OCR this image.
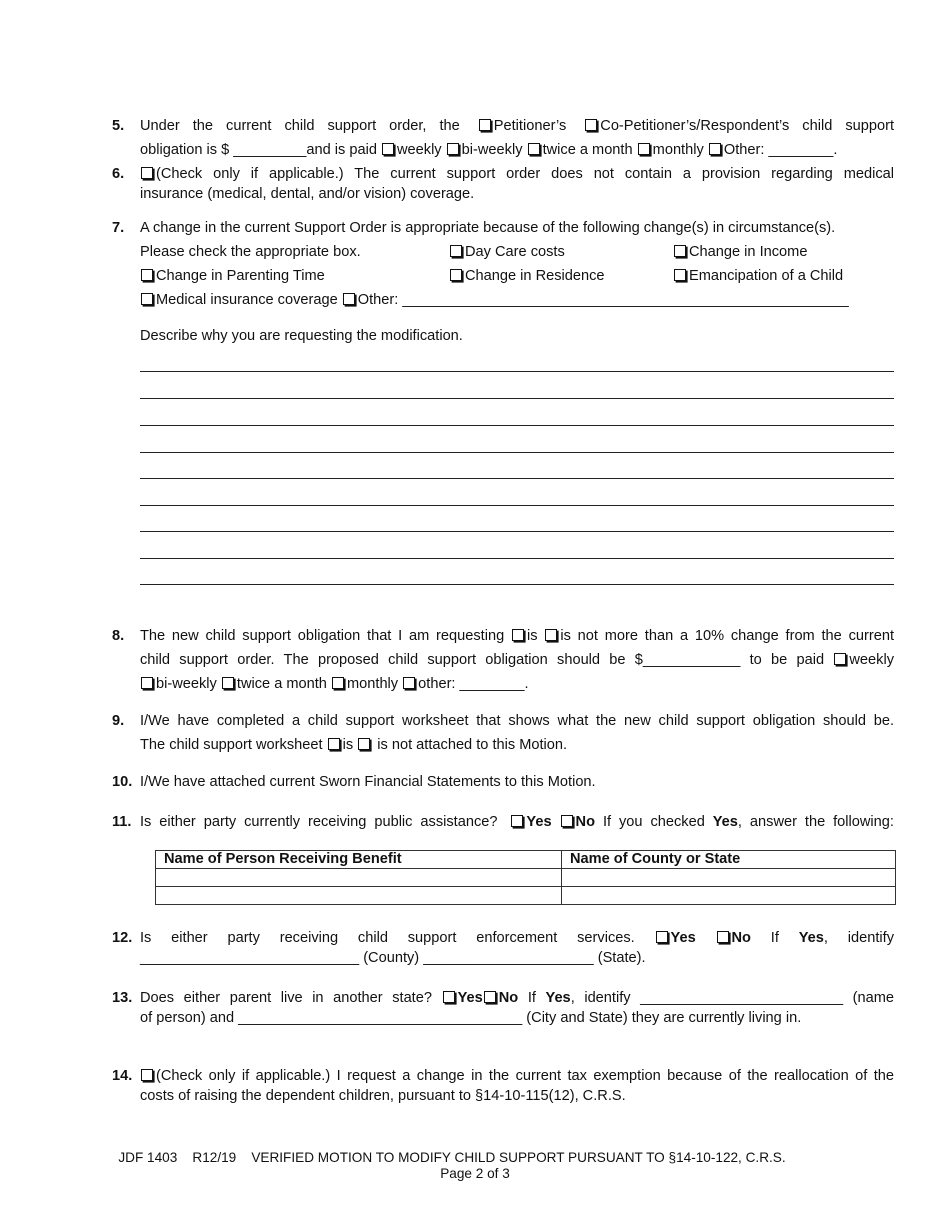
5. Under the current child support order, the Petitioner’s Co-Petitioner’s/Respondent’s child support
obligation is $ _________and is paid weekly bi-weekly twice a month monthly Other: ________.
6.	(Check only if applicable.) The current support order does not contain a provision regarding medical
insurance (medical, dental, and/or vision) coverage.
7. A change in the current Support Order is appropriate because of the following change(s) in circumstance(s).
Please check the appropriate box.	Day Care costs	Change in Income
Change in Parenting Time	Change in Residence	Emancipation of a Child
Medical insurance coverage Other: _______________________________________________________
Describe why you are requesting the modification.
8. The new child support obligation that I am requesting is is not more than a 10% change from the current
child support order. The proposed child support obligation should be $____________ to be paid weekly
bi-weekly twice a month monthly other: ________.
9. I/We have completed a child support worksheet that shows what the new child support obligation should be.
The child support worksheet is is not attached to this Motion.
10. I/We have attached current Sworn Financial Statements to this Motion.
11. Is either party currently receiving public assistance? Yes No If you checked Yes, answer the following:
Name of Person Receiving Benefit	Name of County or State

12. Is either party receiving child support enforcement services. Yes No If Yes, identify
___________________________ (County) _____________________ (State).
13. Does either parent live in another state? Yes No If Yes, identify _________________________ (name
of person) and ___________________________________ (City and State) they are currently living in.
14.	(Check only if applicable.) I request a change in the current tax exemption because of the reallocation of the
costs of raising the dependent children, pursuant to §14-10-115(12), C.R.S.
JDF 1403    R12/19    VERIFIED MOTION TO MODIFY CHILD SUPPORT PURSUANT TO §14-10-122, C.R.S.
Page 2 of 3
